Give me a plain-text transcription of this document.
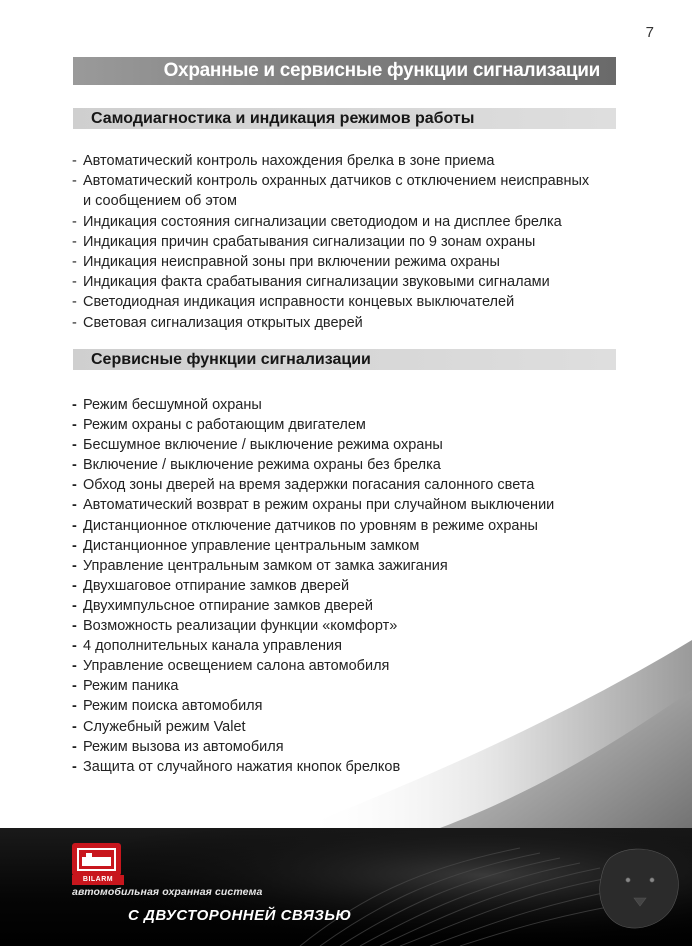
7
Охранные и сервисные функции сигнализации
Самодиагностика и индикация режимов работы
- Автоматический контроль нахождения брелка в зоне приема
- Автоматический контроль охранных датчиков с отключением неисправных
и сообщением об этом
- Индикация состояния сигнализации светодиодом и на дисплее брелка
- Индикация причин срабатывания сигнализации по 9 зонам охраны
- Индикация неисправной зоны при включении режима охраны
- Индикация факта срабатывания сигнализации звуковыми сигналами
- Светодиодная индикация исправности концевых выключателей
- Световая сигнализация открытых дверей
Сервисные функции сигнализации
- Режим бесшумной охраны
- Режим охраны с работающим двигателем
- Бесшумное включение / выключение режима охраны
- Включение / выключение режима охраны без брелка
- Обход зоны дверей на время задержки погасания салонного света
- Автоматический возврат в режим охраны при случайном выключении
- Дистанционное отключение датчиков по уровням в режиме охраны
- Дистанционное управление центральным замком
- Управление центральным замком от замка зажигания
- Двухшаговое отпирание замков дверей
- Двухимпульсное отпирание замков дверей
- Возможность реализации функции «комфорт»
- 4 дополнительных канала управления
- Управление освещением салона автомобиля
- Режим паника
- Режим поиска автомобиля
- Служебный режим Valet
- Режим вызова из автомобиля
- Защита от случайного нажатия кнопок брелков
BILARM
автомобильная охранная система
С ДВУСТОРОННЕЙ СВЯЗЬЮ
